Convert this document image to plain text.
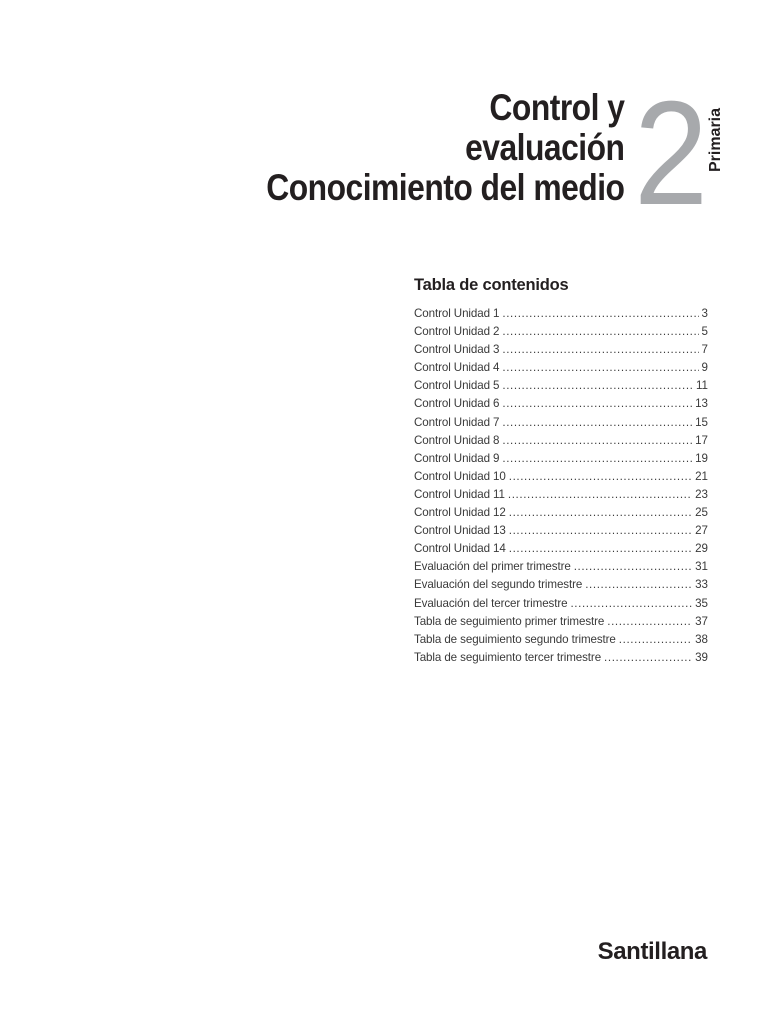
Control y
evaluación
Conocimiento del medio 2
Primaria
Tabla de contenidos
Control Unidad 1 .....	3
Control Unidad 2 .....	5
Control Unidad 3 .....	7
Control Unidad 4 .....	9
Control Unidad 5 .....	11
Control Unidad 6 .....	13
Control Unidad 7 .....	15
Control Unidad 8 .....	17
Control Unidad 9 .....	19
Control Unidad 10 .....	21
Control Unidad 11 .....	23
Control Unidad 12 .....	25
Control Unidad 13 .....	27
Control Unidad 14 .....	29
Evaluación del primer trimestre .....	31
Evaluación del segundo trimestre .....	33
Evaluación del tercer trimestre .....	35
Tabla de seguimiento primer trimestre .....	37
Tabla de seguimiento segundo trimestre .....	38
Tabla de seguimiento tercer trimestre .....	39
Santillana
